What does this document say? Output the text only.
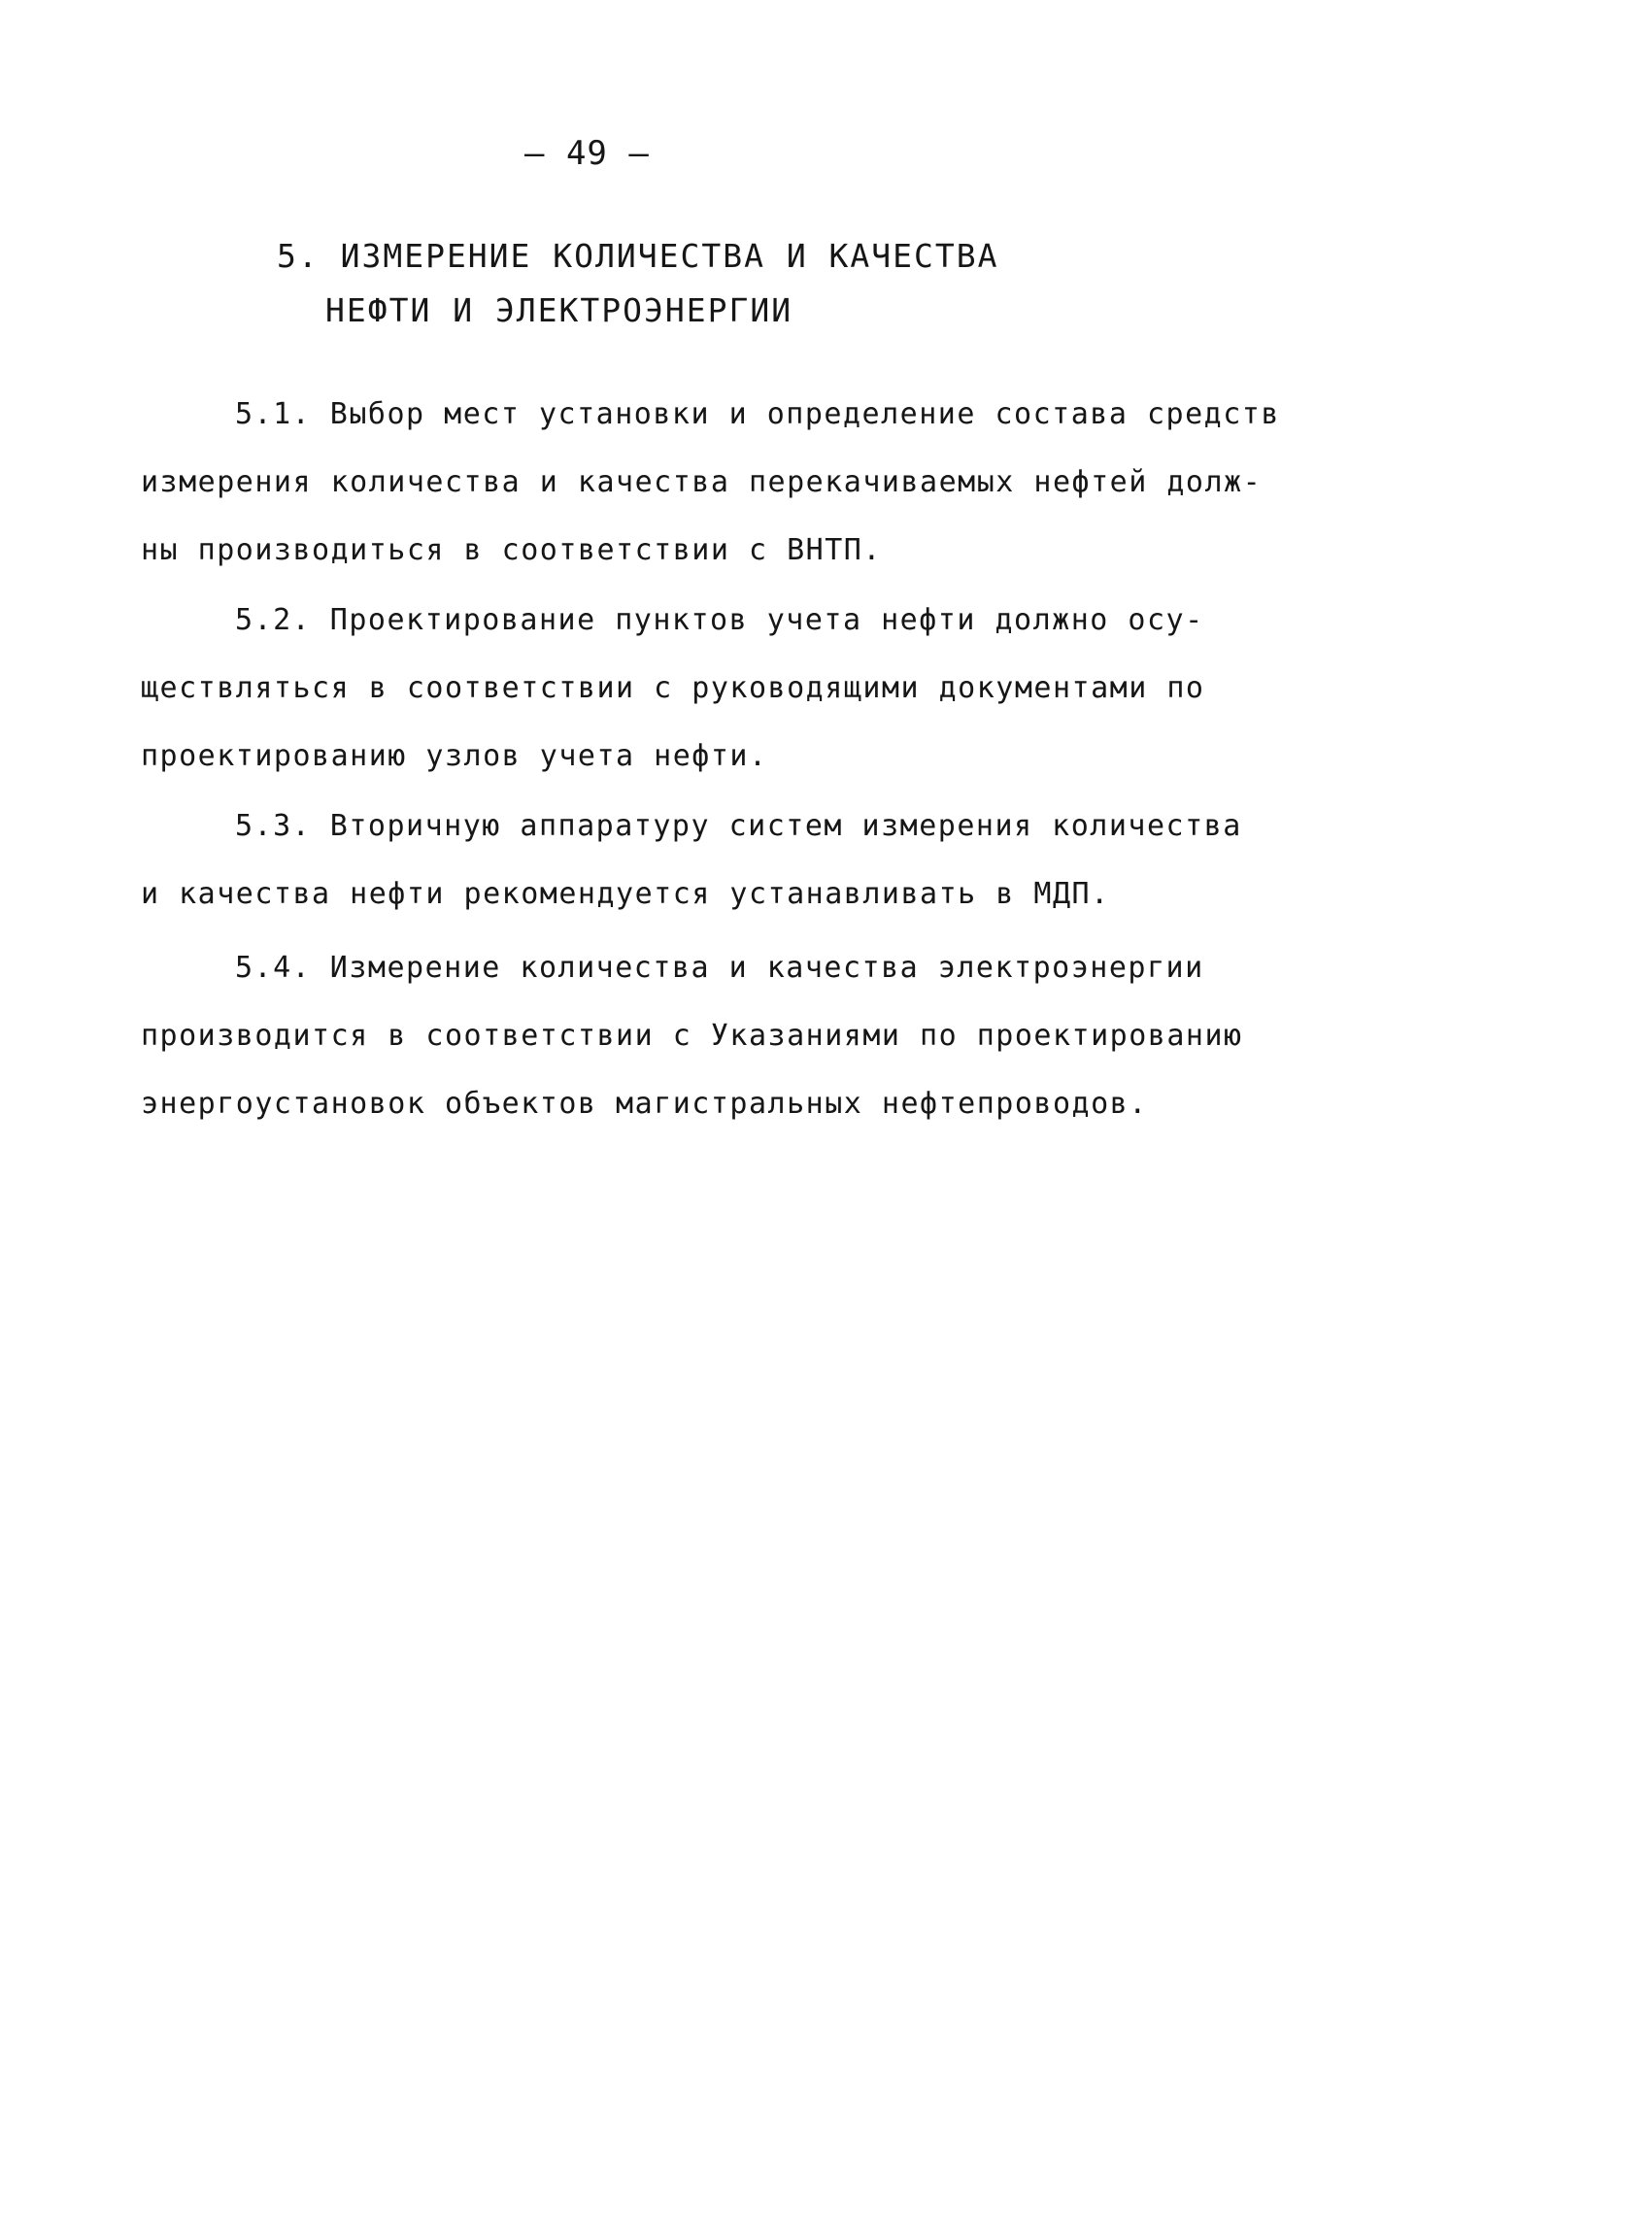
– 49 –
5. ИЗМЕРЕНИЕ КОЛИЧЕСТВА И КАЧЕСТВА
НЕФТИ И ЭЛЕКТРОЭНЕРГИИ
5.1. Выбор мест установки и определение состава средств
измерения количества и качества перекачиваемых нефтей долж-
ны производиться в соответствии с ВНТП.
5.2. Проектирование пунктов учета нефти должно осу-
ществляться в соответствии с руководящими документами по
проектированию узлов учета нефти.
5.3. Вторичную аппаратуру систем измерения количества
и качества нефти рекомендуется устанавливать в МДП.
5.4. Измерение количества и качества электроэнергии
производится в соответствии с Указаниями по проектированию
энергоустановок объектов магистральных нефтепроводов.
